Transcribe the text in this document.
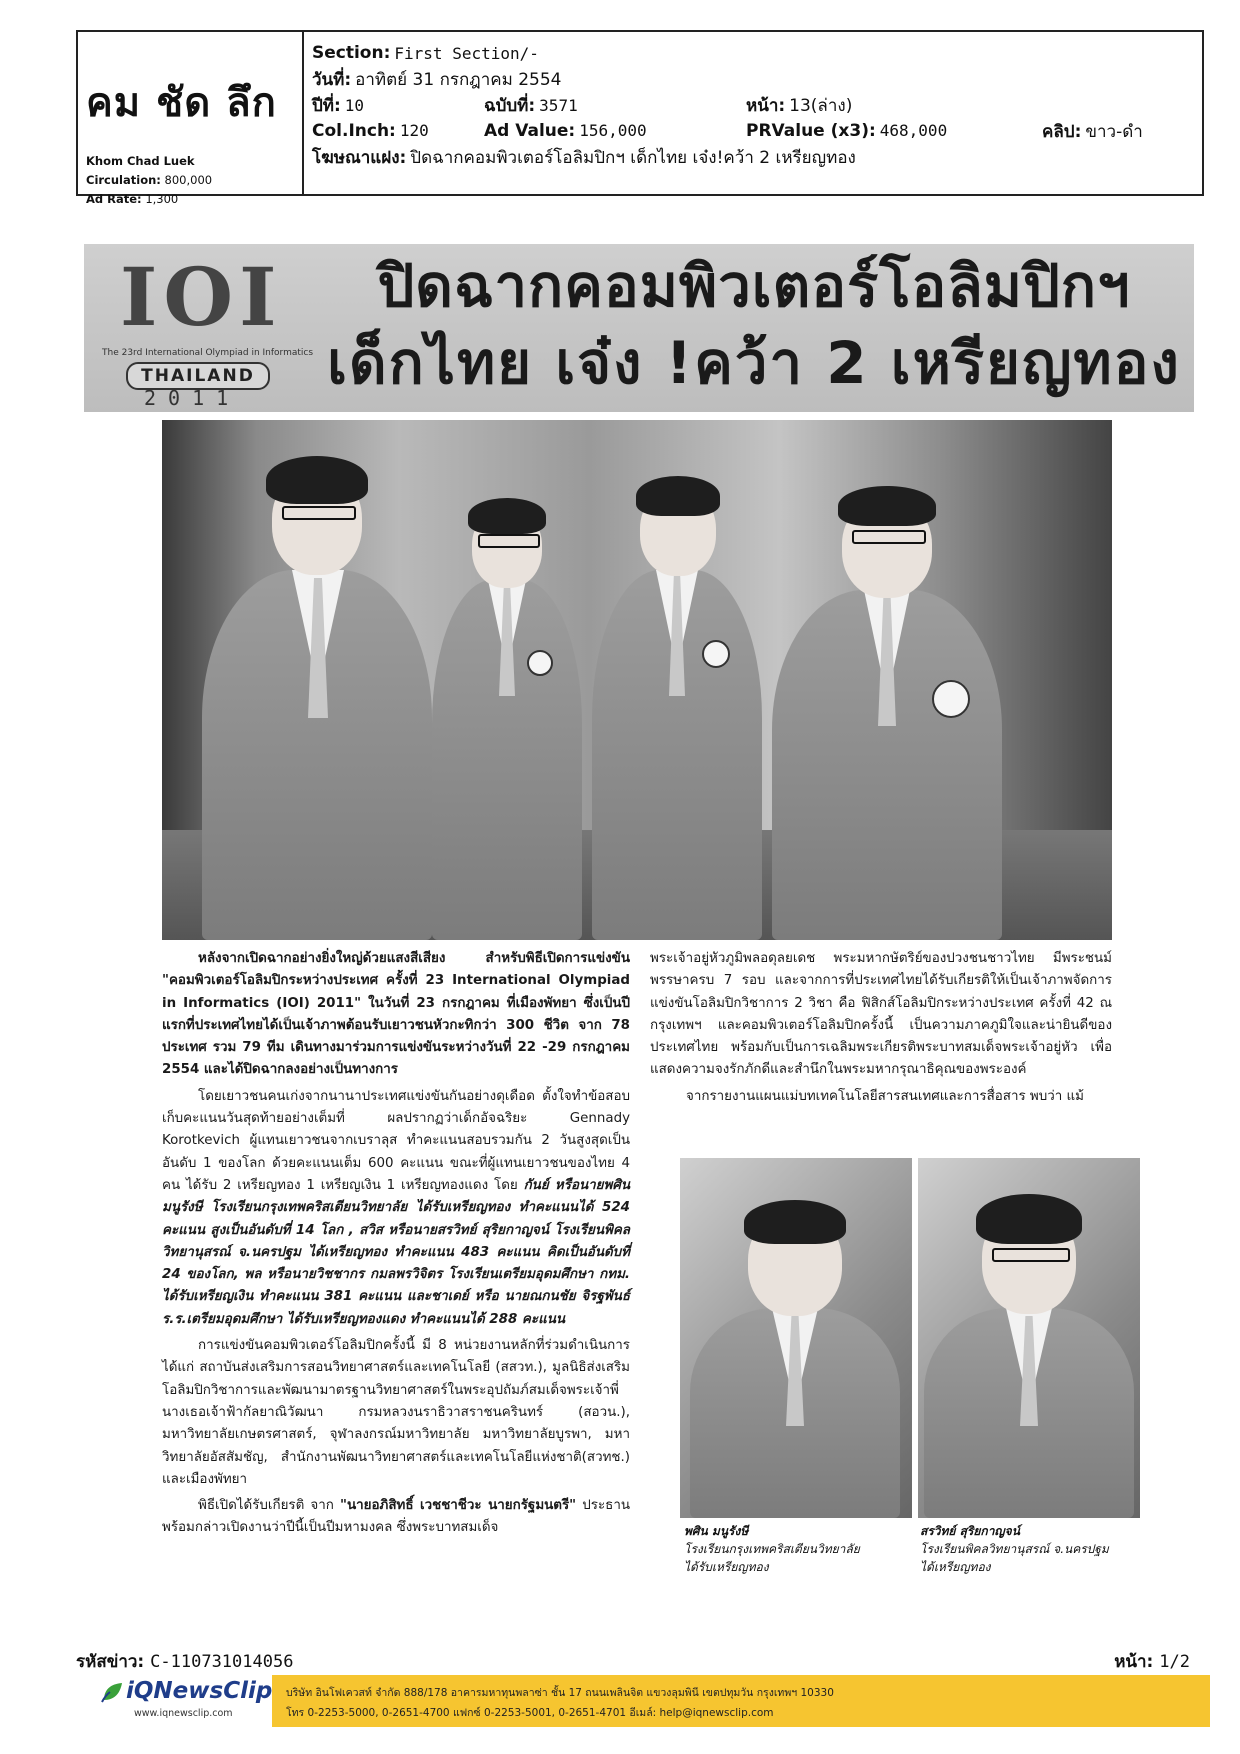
คม ชัด ลึก
Khom Chad Luek
Circulation: 800,000
Ad Rate: 1,300
Section: First Section/-
วันที่: อาทิตย์ 31 กรกฎาคม 2554
ปีที่: 10	ฉบับที่: 3571	หน้า: 13(ล่าง)
Col.Inch: 120	Ad Value: 156,000	PRValue (x3): 468,000	คลิป: ขาว-ดำ
โฆษณาแฝง: ปิดฉากคอมพิวเตอร์โอลิมปิกฯ เด็กไทย เจ๋ง!คว้า 2 เหรียญทอง
IOI
The 23rd International Olympiad in Informatics
THAILAND
2011
ปิดฉากคอมพิวเตอร์โอลิมปิกฯ
เด็กไทย เจ๋ง !คว้า 2 เหรียญทอง

หลังจากเปิดฉากอย่างยิ่งใหญ่ด้วยแสงสีเสียง สำหรับพิธีเปิดการแข่งขัน "คอมพิวเตอร์โอลิมปิกระหว่างประเทศ ครั้งที่ 23 International Olympiad in Informatics (IOI) 2011" ในวันที่ 23 กรกฎาคม ที่เมืองพัทยา ซึ่งเป็นปีแรกที่ประเทศไทยได้เป็นเจ้าภาพต้อนรับเยาวชนหัวกะทิกว่า 300 ชีวิต จาก 78 ประเทศ รวม 79 ทีม เดินทางมาร่วมการแข่งขันระหว่างวันที่ 22 -29 กรกฎาคม 2554 และได้ปิดฉากลงอย่างเป็นทางการ

โดยเยาวชนคนเก่งจากนานาประเทศแข่งขันกันอย่างดุเดือด ตั้งใจทำข้อสอบเก็บคะแนนวันสุดท้ายอย่างเต็มที่ ผลปรากฏว่าเด็กอัจฉริยะ Gennady Korotkevich ผู้แทนเยาวชนจากเบราลุส ทำคะแนนสอบรวมกัน 2 วันสูงสุดเป็นอันดับ 1 ของโลก ด้วยคะแนนเต็ม 600 คะแนน ขณะที่ผู้แทนเยาวชนของไทย 4 คน ได้รับ 2 เหรียญทอง 1 เหรียญเงิน 1 เหรียญทองแดง โดย กันย์ หรือนายพศิน มนูรังษี โรงเรียนกรุงเทพคริสเตียนวิทยาลัย ได้รับเหรียญทอง ทำคะแนนได้ 524 คะแนน สูงเป็นอันดับที่ 14 โลก , สวิส หรือนายสรวิทย์ สุริยกาญจน์ โรงเรียนพิคลวิทยานุสรณ์ จ.นครปฐม ได้เหรียญทอง ทำคะแนน 483 คะแนน คิดเป็นอันดับที่ 24 ของโลก, พล หรือนายวิชชากร กมลพรวิจิตร โรงเรียนเตรียมอุดมศึกษา กทม. ได้รับเหรียญเงิน ทำคะแนน 381 คะแนน และชาเดย์ หรือ นายณกนชัย จิรฐพันธ์ ร.ร.เตรียมอุดมศึกษา ได้รับเหรียญทองแดง ทำคะแนนได้ 288 คะแนน

การแข่งขันคอมพิวเตอร์โอลิมปิกครั้งนี้ มี 8 หน่วยงานหลักที่ร่วมดำเนินการ ได้แก่ สถาบันส่งเสริมการสอนวิทยาศาสตร์และเทคโนโลยี (สสวท.), มูลนิธิส่งเสริมโอลิมปิกวิชาการและพัฒนามาตรฐานวิทยาศาสตร์ในพระอุปถัมภ์สมเด็จพระเจ้าพี่นางเธอเจ้าฟ้ากัลยาณิวัฒนา กรมหลวงนราธิวาสราชนครินทร์ (สอวน.), มหาวิทยาลัยเกษตรศาสตร์, จุฬาลงกรณ์มหาวิทยาลัย มหาวิทยาลัยบูรพา, มหาวิทยาลัยอัสสัมชัญ, สำนักงานพัฒนาวิทยาศาสตร์และเทคโนโลยีแห่งชาติ(สวทช.) และเมืองพัทยา

พิธีเปิดได้รับเกียรติ จาก "นายอภิสิทธิ์ เวชชาชีวะ นายกรัฐมนตรี" ประธาน พร้อมกล่าวเปิดงานว่าปีนี้เป็นปีมหามงคล ซึ่งพระบาทสมเด็จ

พระเจ้าอยู่หัวภูมิพลอดุลยเดช พระมหากษัตริย์ของปวงชนชาวไทย มีพระชนม์พรรษาครบ 7 รอบ และจากการที่ประเทศไทยได้รับเกียรติให้เป็นเจ้าภาพจัดการแข่งขันโอลิมปิกวิชาการ 2 วิชา คือ ฟิสิกส์โอลิมปิกระหว่างประเทศ ครั้งที่ 42 ณ กรุงเทพฯ และคอมพิวเตอร์โอลิมปิกครั้งนี้ เป็นความภาคภูมิใจและน่ายินดีของประเทศไทย พร้อมกับเป็นการเฉลิมพระเกียรติพระบาทสมเด็จพระเจ้าอยู่หัว เพื่อแสดงความจงรักภักดีและสำนึกในพระมหากรุณาธิคุณของพระองค์

จากรายงานแผนแม่บทเทคโนโลยีสารสนเทศและการสื่อสาร พบว่า แม้

พศิน มนูรังษี
โรงเรียนกรุงเทพคริสเตียนวิทยาลัย
ได้รับเหรียญทอง
สรวิทย์ สุริยกาญจน์
โรงเรียนพิคลวิทยานุสรณ์ จ.นครปฐม
ได้เหรียญทอง
รหัสข่าว: C-110731014056	หน้า: 1/2
iQNewsClip
www.iqnewsclip.com
บริษัท อินโฟเควสท์ จำกัด 888/178 อาคารมหาทุนพลาซ่า ชั้น 17 ถนนเพลินจิต แขวงลุมพินี เขตปทุมวัน กรุงเทพฯ 10330
โทร 0-2253-5000, 0-2651-4700 แฟกซ์ 0-2253-5001, 0-2651-4701 อีเมล์: help@iqnewsclip.com
